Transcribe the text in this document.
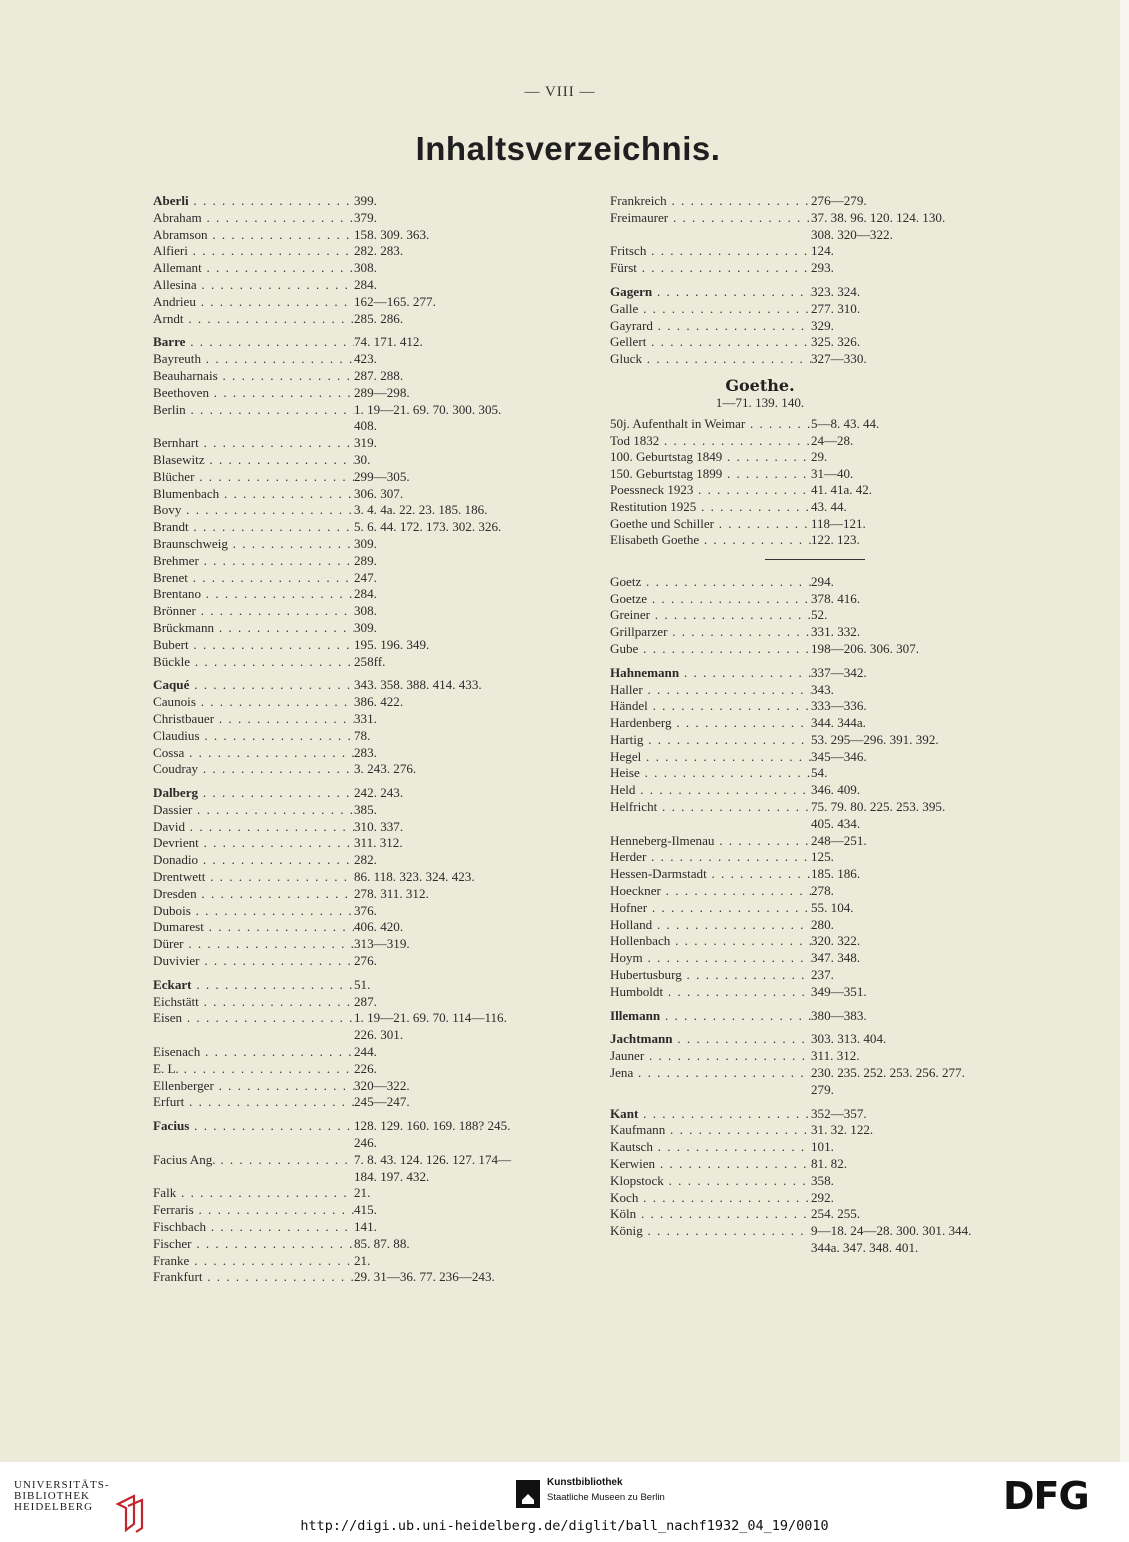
— VIII —
Inhaltsverzeichnis.
Aberli . . .	399.
Abraham . . .	379.
Abramson . . .	158. 309. 363.
Alfieri . . .	282. 283.
Allemant . . .	308.
Allesina . . .	284.
Andrieu . . .	162—165. 277.
Arndt . . .	285. 286.
Barre . . .	74. 171. 412.
Bayreuth . . .	423.
Beauharnais . . .	287. 288.
Beethoven . . .	289—298.
Berlin . . .	1. 19—21. 69. 70. 300. 305.
408.
Bernhart . . .	319.
Blasewitz . . .	30.
Blücher . . .	299—305.
Blumenbach . . .	306. 307.
Bovy . . .	3. 4. 4a. 22. 23. 185. 186.
Brandt . . .	5. 6. 44. 172. 173. 302. 326.
Braunschweig . . .	309.
Brehmer . . .	289.
Brenet . . .	247.
Brentano . . .	284.
Brönner . . .	308.
Brückmann . . .	309.
Bubert . . .	195. 196. 349.
Bückle . . .	258ff.
Caqué . . .	343. 358. 388. 414. 433.
Caunois . . .	386. 422.
Christbauer . . .	331.
Claudius . . .	78.
Cossa . . .	283.
Coudray . . .	3. 243. 276.
Dalberg . . .	242. 243.
Dassier . . .	385.
David . . .	310. 337.
Devrient . . .	311. 312.
Donadio . . .	282.
Drentwett . . .	86. 118. 323. 324. 423.
Dresden . . .	278. 311. 312.
Dubois . . .	376.
Dumarest . . .	406. 420.
Dürer . . .	313—319.
Duvivier . . .	276.
Eckart . . .	51.
Eichstätt . . .	287.
Eisen . . .	1. 19—21. 69. 70. 114—116.
226. 301.
Eisenach . . .	244.
E. L. . . .	226.
Ellenberger . . .	320—322.
Erfurt . . .	245—247.
Facius . . .	128. 129. 160. 169. 188? 245.
246.
Facius Ang. . . .	7. 8. 43. 124. 126. 127. 174—
184. 197. 432.
Falk . . .	21.
Ferraris . . .	415.
Fischbach . . .	141.
Fischer . . .	85. 87. 88.
Franke . . .	21.
Frankfurt . . .	29. 31—36. 77. 236—243.
Frankreich . . .	276—279.
Freimaurer . . .	37. 38. 96. 120. 124. 130.
308. 320—322.
Fritsch . . .	124.
Fürst . . .	293.
Gagern . . .	323. 324.
Galle . . .	277. 310.
Gayrard . . .	329.
Gellert . . .	325. 326.
Gluck . . .	327—330.
Goethe.
1—71. 139. 140.
50j. Aufenthalt in Weimar . . .	5—8. 43. 44.
Tod 1832 . . .	24—28.
100. Geburtstag 1849 . . .	29.
150. Geburtstag 1899 . . .	31—40.
Poessneck 1923 . . .	41. 41a. 42.
Restitution 1925 . . .	43. 44.
Goethe und Schiller . . .	118—121.
Elisabeth Goethe . . .	122. 123.
Goetz . . .	294.
Goetze . . .	378. 416.
Greiner . . .	52.
Grillparzer . . .	331. 332.
Gube . . .	198—206. 306. 307.
Hahnemann . . .	337—342.
Haller . . .	343.
Händel . . .	333—336.
Hardenberg . . .	344. 344a.
Hartig . . .	53. 295—296. 391. 392.
Hegel . . .	345—346.
Heise . . .	54.
Held . . .	346. 409.
Helfricht . . .	75. 79. 80. 225. 253. 395.
405. 434.
Henneberg-Ilmenau . . .	248—251.
Herder . . .	125.
Hessen-Darmstadt . . .	185. 186.
Hoeckner . . .	278.
Hofner . . .	55. 104.
Holland . . .	280.
Hollenbach . . .	320. 322.
Hoym . . .	347. 348.
Hubertusburg . . .	237.
Humboldt . . .	349—351.
Illemann . . .	380—383.
Jachtmann . . .	303. 313. 404.
Jauner . . .	311. 312.
Jena . . .	230. 235. 252. 253. 256. 277.
279.
Kant . . .	352—357.
Kaufmann . . .	31. 32. 122.
Kautsch . . .	101.
Kerwien . . .	81. 82.
Klopstock . . .	358.
Koch . . .	292.
Köln . . .	254. 255.
König . . .	9—18. 24—28. 300. 301. 344.
344a. 347. 348. 401.
UNIVERSITÄTS-
BIBLIOTHEK
HEIDELBERG
Kunstbibliothek
Staatliche Museen zu Berlin	DFG
http://digi.ub.uni-heidelberg.de/diglit/ball_nachf1932_04_19/0010
